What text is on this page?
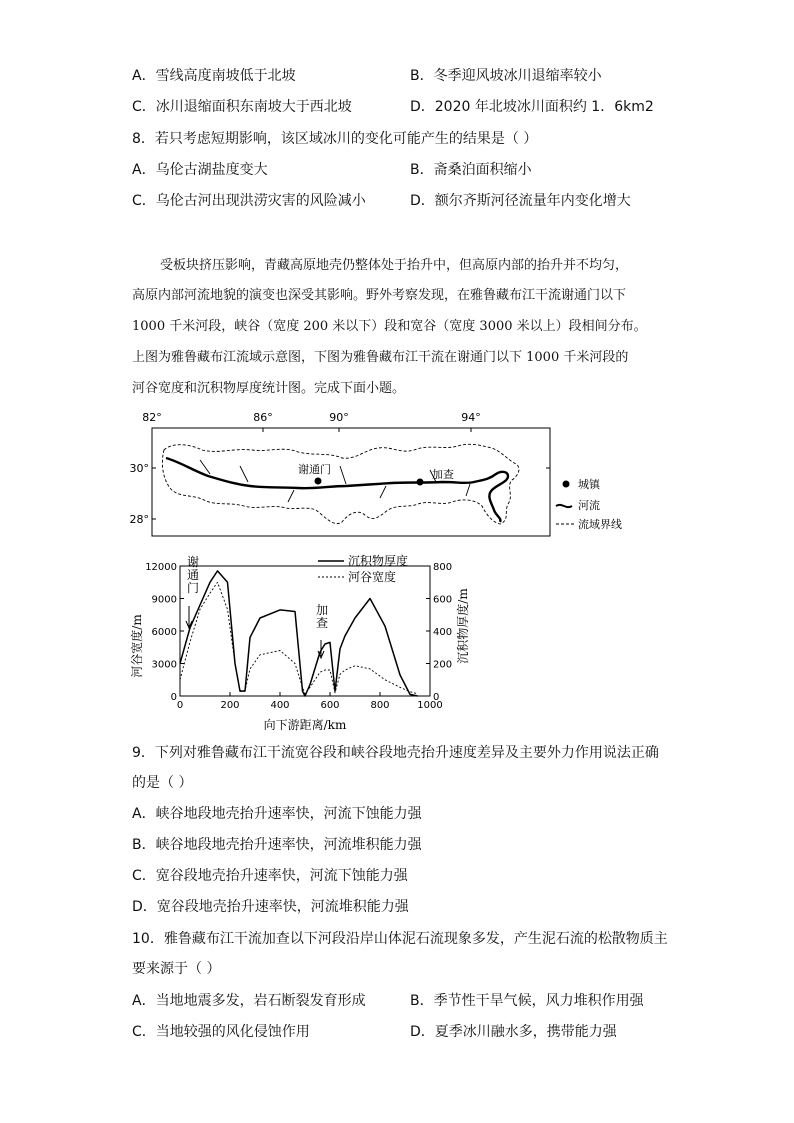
A．雪线高度南坡低于北坡	B．冬季迎风坡冰川退缩率较小
C．冰川退缩面积东南坡大于西北坡	D．2020 年北坡冰川面积约 1．6km2
8．若只考虑短期影响，该区域冰川的变化可能产生的结果是（ ）
A．乌伦古湖盐度变大	B．斋桑泊面积缩小
C．乌伦古河出现洪涝灾害的风险减小	D．额尔齐斯河径流量年内变化增大
受板块挤压影响，青藏高原地壳仍整体处于抬升中，但高原内部的抬升并不均匀，
高原内部河流地貌的演变也深受其影响。野外考察发现，在雅鲁藏布江干流谢通门以下
1000 千米河段，峡谷（宽度 200 米以下）段和宽谷（宽度 3000 米以上）段相间分布。
上图为雅鲁藏布江流域示意图，下图为雅鲁藏布江干流在谢通门以下 1000 千米河段的
河谷宽度和沉积物厚度统计图。完成下面小题。
82°	86°	90°	94°
30°
28°
谢通门	加查
城镇
河流
流域界线
0	200	400	600	800	1000
0
3000
6000
9000
12000
0
200
400
600
800
河谷宽度/m	沉积物厚度/m
向下游距离/km
沉积物厚度
河谷宽度
谢通门
加查
9．下列对雅鲁藏布江干流宽谷段和峡谷段地壳抬升速度差异及主要外力作用说法正确
的是（ ）
A．峡谷地段地壳抬升速率快，河流下蚀能力强
B．峡谷地段地壳抬升速率快，河流堆积能力强
C．宽谷段地壳抬升速率快，河流下蚀能力强
D．宽谷段地壳抬升速率快，河流堆积能力强
10．雅鲁藏布江干流加查以下河段沿岸山体泥石流现象多发，产生泥石流的松散物质主
要来源于（ ）
A．当地地震多发，岩石断裂发育形成	B．季节性干旱气候，风力堆积作用强
C．当地较强的风化侵蚀作用	D．夏季冰川融水多，携带能力强
